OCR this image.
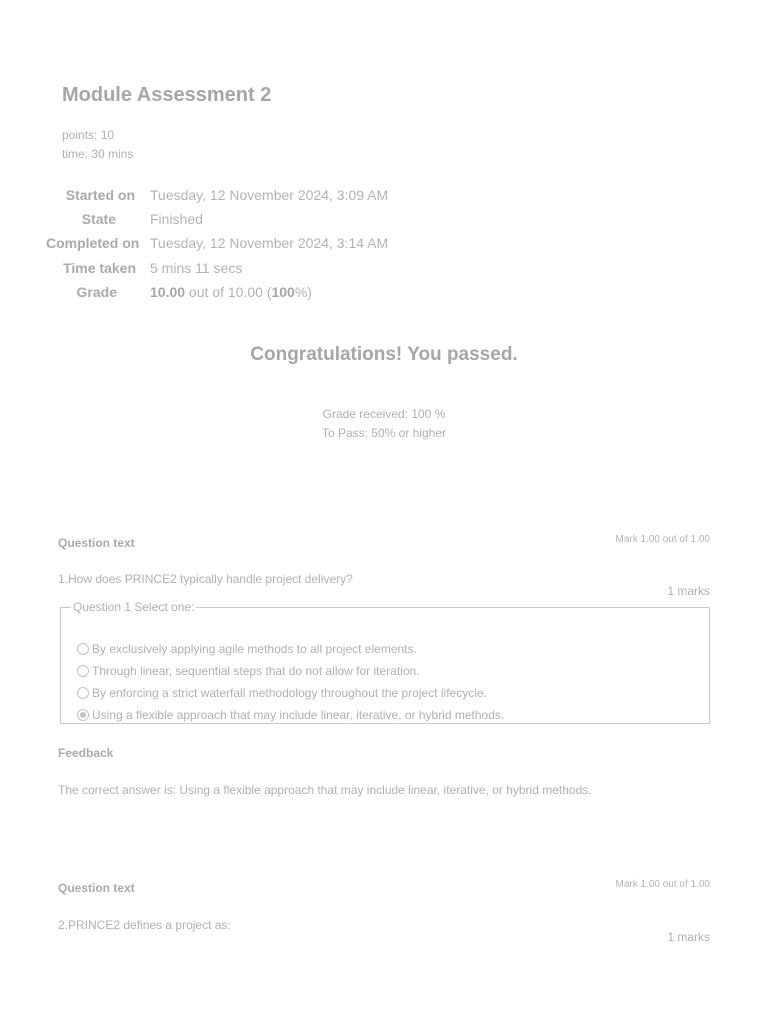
Module Assessment 2
points: 10
time: 30 mins
Started on Tuesday, 12 November 2024, 3:09 AM
State Finished
Completed on Tuesday, 12 November 2024, 3:14 AM
Time taken 5 mins 11 secs
Grade 10.00 out of 10.00 (100%)
Congratulations! You passed.
Grade received: 100 %
To Pass: 50% or higher
Question text	Mark 1.00 out of 1.00
1.How does PRINCE2 typically handle project delivery?
1 marks
Question 1 Select one:
By exclusively applying agile methods to all project elements.
Through linear, sequential steps that do not allow for iteration.
By enforcing a strict waterfall methodology throughout the project lifecycle.
Using a flexible approach that may include linear, iterative, or hybrid methods.
Feedback
The correct answer is: Using a flexible approach that may include linear, iterative, or hybrid methods.
Question text	Mark 1.00 out of 1.00
2.PRINCE2 defines a project as:
1 marks
